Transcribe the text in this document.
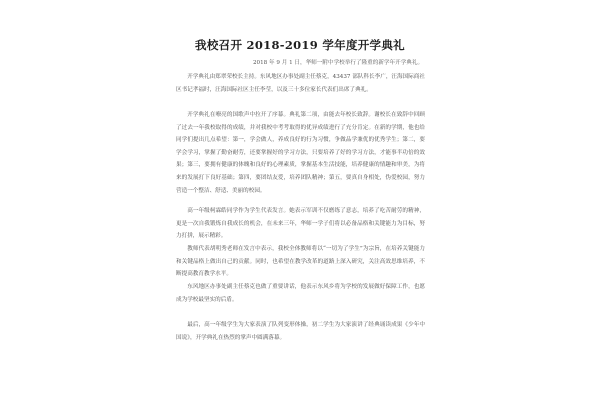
我校召开 2018-2019 学年度开学典礼
2018 年 9 月 1 日，华师一附中学校举行了隆重的新学年开学典礼。

开学典礼由郑翠荣校长主持。东风地区办事处副主任蔡克，43437 部队科长李广，汪海国际商社区书记孝福时，汪海国际社区主任李莹，以及三十多位家长代表们出席了典礼。

开学典礼在嘹亮的国歌声中拉开了序幕。典礼第二项，由能去年校长致辞。谢校长在致辞中回顾了过去一年我校取得的成绩，并对我校中考考取得的优异成绩进行了充分肯定。在新的学期，他也给同学们提出几点希望：第一，学会做人，养成良好的行为习惯，争做品学兼优的优秀学生；第二，要学会学习，掌握了勤奋耐劳，还要掌握好的学习方法，只要培养了好的学习方法，才能事半功倍的效果；第三，要拥有健康的体魄和良好的心理素质，掌握基本生活技能，培养健康的情趣和审美，为将来的发展打下良好基础；第四，要团结友爱，培养团队精神；第五，要真自身相处，伪爱校园，努力营造一个整洁、舒适、美丽的校园。

高一年级柯霖皓同学作为学生代表发言。她表示军训不仅磨练了意志，培养了吃苦耐劳的精神，更是一次自我锻炼自我成长的机会，在未来三年，华师一学子们将以必备品格和关键能力为目标，努力打拼，展示精彩。

教师代表胡明秀老师在发言中表示，我校全体教师将以“一切为了学生”为宗旨，在培养关键能力和关键品格上做出自己的贡献。同时，也希望在教学改革的道路上深入研究，关注高效思维培养，不断提高教育教学水平。

东风地区办事处副主任蔡克也做了重要讲话，他表示东风乡将为学校的发展做好保障工作，也愿成为学校最坚实的后盾。

最后，高一年级学生为大家表演了队列变形体操，初二学生为大家演讲了经典诵读成果《少年中国说》，开学典礼在热烈的掌声中圆满落幕。
